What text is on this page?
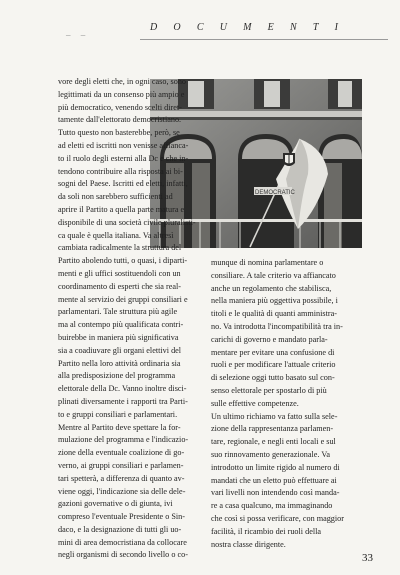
– –
DOCUMENTI
DEMOCRATIC
vore degli eletti che, in ogni caso, sono
legittimati da un consenso più ampio e
più democratico, venendo scelti diret-
tamente dall'elettorato democristiano.
Tutto questo non basterebbe, però, se
ad eletti ed iscritti non venisse affianca-
to il ruolo degli esterni alla Dc e che in-
tendono contribuire alla risposta ai bi-
sogni del Paese. Iscritti ed eletti, infatti,
da soli non sarebbero sufficienti ad
aprire il Partito a quella parte matura e
disponibile di una società civile pluralisti-
ca quale è quella italiana. Va altresì
cambiata radicalmente la struttura del
Partito abolendo tutti, o quasi, i diparti-
menti e gli uffici sostituendoli con un
coordinamento di esperti che sia real-
mente al servizio dei gruppi consiliari e
parlamentari. Tale struttura più agile
ma al contempo più qualificata contri-
buirebbe in maniera più significativa
sia a coadiuvare gli organi elettivi del
Partito nella loro attività ordinaria sia
alla predisposizione del programma
elettorale della Dc. Vanno inoltre disci-
plinati diversamente i rapporti tra Parti-
to e gruppi consiliari e parlamentari.
Mentre al Partito deve spettare la for-
mulazione del programma e l'indicazio-
zione della eventuale coalizione di go-
verno, ai gruppi consiliari e parlamen-
tari spetterà, a differenza di quanto av-
viene oggi, l'indicazione sia delle dele-
gazioni governative o di giunta, ivi
compreso l'eventuale Presidente o Sin-
daco, e la designazione di tutti gli uo-
mini di area democristiana da collocare
negli organismi di secondo livello o co-
munque di nomina parlamentare o
consiliare. A tale criterio va affiancato
anche un regolamento che stabilisca,
nella maniera più oggettiva possibile, i
titoli e le qualità di quanti amministra-
no. Va introdotta l'incompatibilità tra in-
carichi di governo e mandato parla-
mentare per evitare una confusione di
ruoli e per modificare l'attuale criterio
di selezione oggi tutto basato sul con-
senso elettorale per spostarlo di più
sulle effettive competenze.
Un ultimo richiamo va fatto sulla sele-
zione della rappresentanza parlamen-
tare, regionale, e negli enti locali e sul
suo rinnovamento generazionale. Va
introdotto un limite rigido al numero di
mandati che un eletto può effettuare ai
vari livelli non intendendo così manda-
re a casa qualcuno, ma immaginando
che così si possa verificare, con maggior
facilità, il ricambio dei ruoli della
nostra classe dirigente.
33
